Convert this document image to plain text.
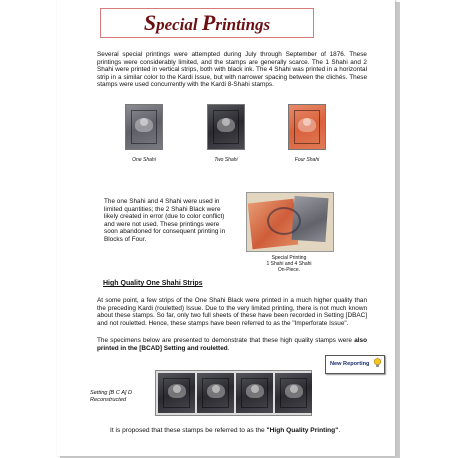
Special Printings
Several special printings were attempted during July through September of 1876. These printings were considerably limited, and the stamps are generally scarce. The 1 Shahi and 2 Shahi were printed in vertical strips, both with black ink. The 4 Shahi was printed in a horizontal strip in a similar color to the Kardi Issue, but with narrower spacing between the clichés. These stamps were used concurrently with the Kardi 8-Shahi stamps.
One Shahi	Two Shahi	Four Shahi
The one Shahi and 4 Shahi were used in limited quantities; the 2 Shahi Black were likely created in error (due to color conflict) and were not used. These printings were soon abandoned for consequent printing in Blocks of Four.
Special Printing
1 Shahi and 4 Shahi
On-Piece.
High Quality One Shahi Strips
At some point, a few strips of the One Shahi Black were printed in a much higher quality than the preceding Kardi (rouletted) Issue. Due to the very limited printing, there is not much known about these stamps. So far, only two full sheets of these have been recorded in Setting [DBAC] and not rouletted. Hence, these stamps have been referred to as the "Imperforate Issue".
The specimens below are presented to demonstrate that these high quality stamps were also printed in the [BCAD] Setting and rouletted.
New Reporting
Setting [B C A] D
Reconstructed
It is proposed that these stamps be referred to as the "High Quality Printing".
